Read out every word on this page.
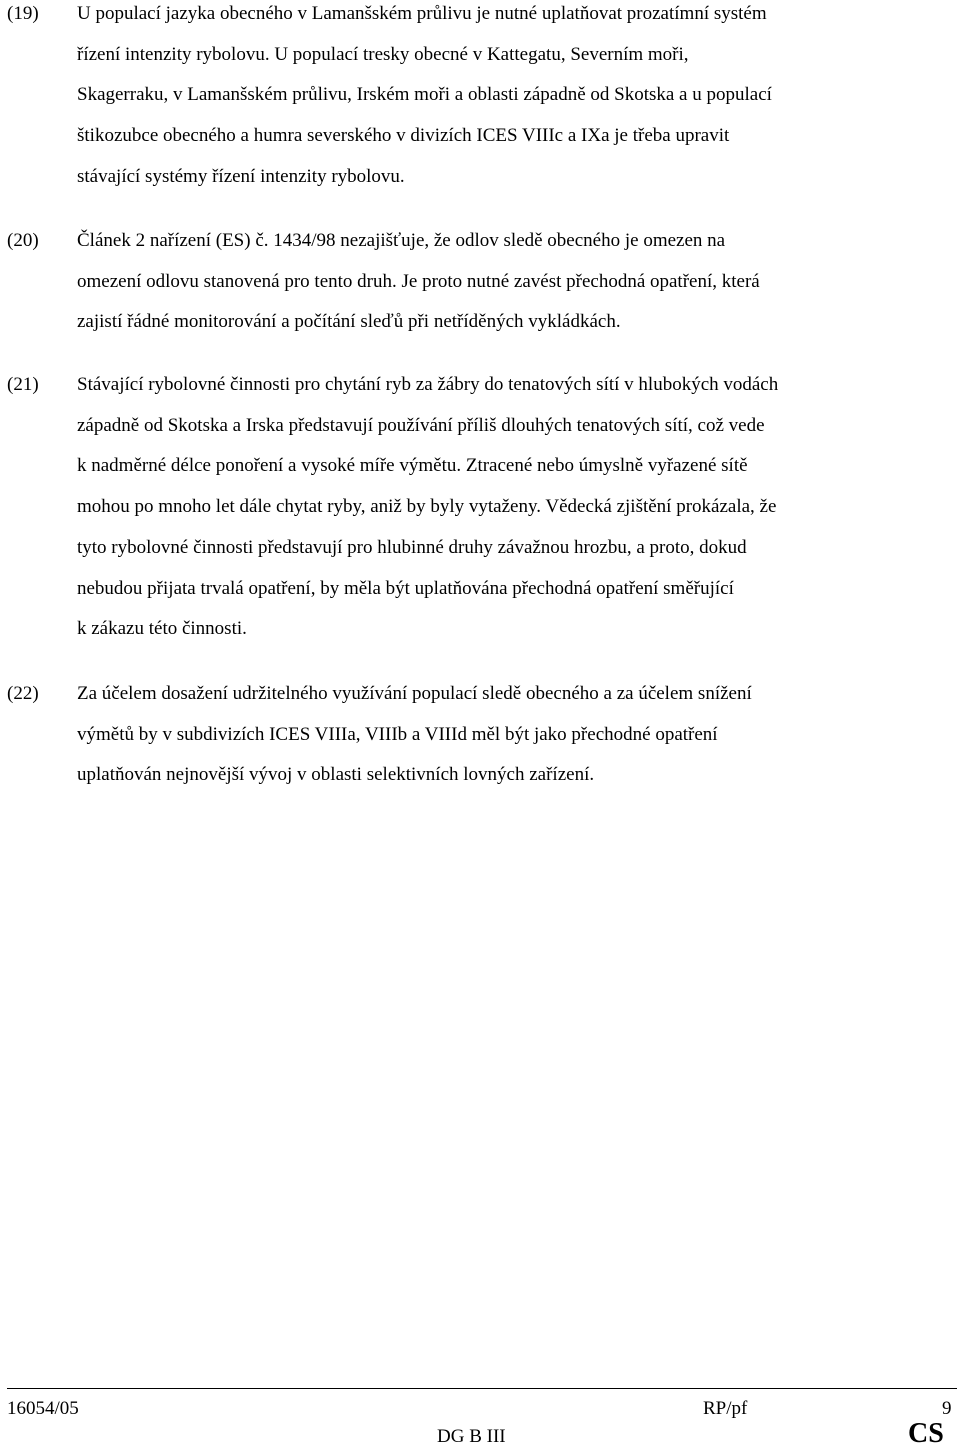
(19) U populací jazyka obecného v Lamanšském průlivu je nutné uplatňovat prozatímní systém
řízení intenzity rybolovu. U populací tresky obecné v Kattegatu, Severním moři,
Skagerraku, v Lamanšském průlivu, Irském moři a oblasti západně od Skotska a u populací
štikozubce obecného a humra severského v divizích ICES VIIIc a IXa je třeba upravit
stávající systémy řízení intenzity rybolovu.
(20) Článek 2 nařízení (ES) č. 1434/98 nezajišťuje, že odlov sledě obecného je omezen na
omezení odlovu stanovená pro tento druh. Je proto nutné zavést přechodná opatření, která
zajistí řádné monitorování a počítání sleďů při netříděných vykládkách.
(21) Stávající rybolovné činnosti pro chytání ryb za žábry do tenatových sítí v hlubokých vodách
západně od Skotska a Irska představují používání příliš dlouhých tenatových sítí, což vede
k nadměrné délce ponoření a vysoké míře výmětu. Ztracené nebo úmyslně vyřazené sítě
mohou po mnoho let dále chytat ryby, aniž by byly vytaženy. Vědecká zjištění prokázala, že
tyto rybolovné činnosti představují pro hlubinné druhy závažnou hrozbu, a proto, dokud
nebudou přijata trvalá opatření, by měla být uplatňována přechodná opatření směřující
k zákazu této činnosti.
(22) Za účelem dosažení udržitelného využívání populací sledě obecného a za účelem snížení
výmětů by v subdivizích ICES VIIIa, VIIIb a VIIId měl být jako přechodné opatření
uplatňován nejnovější vývoj v oblasti selektivních lovných zařízení.
16054/05	RP/pf	9
DG B III	CS
